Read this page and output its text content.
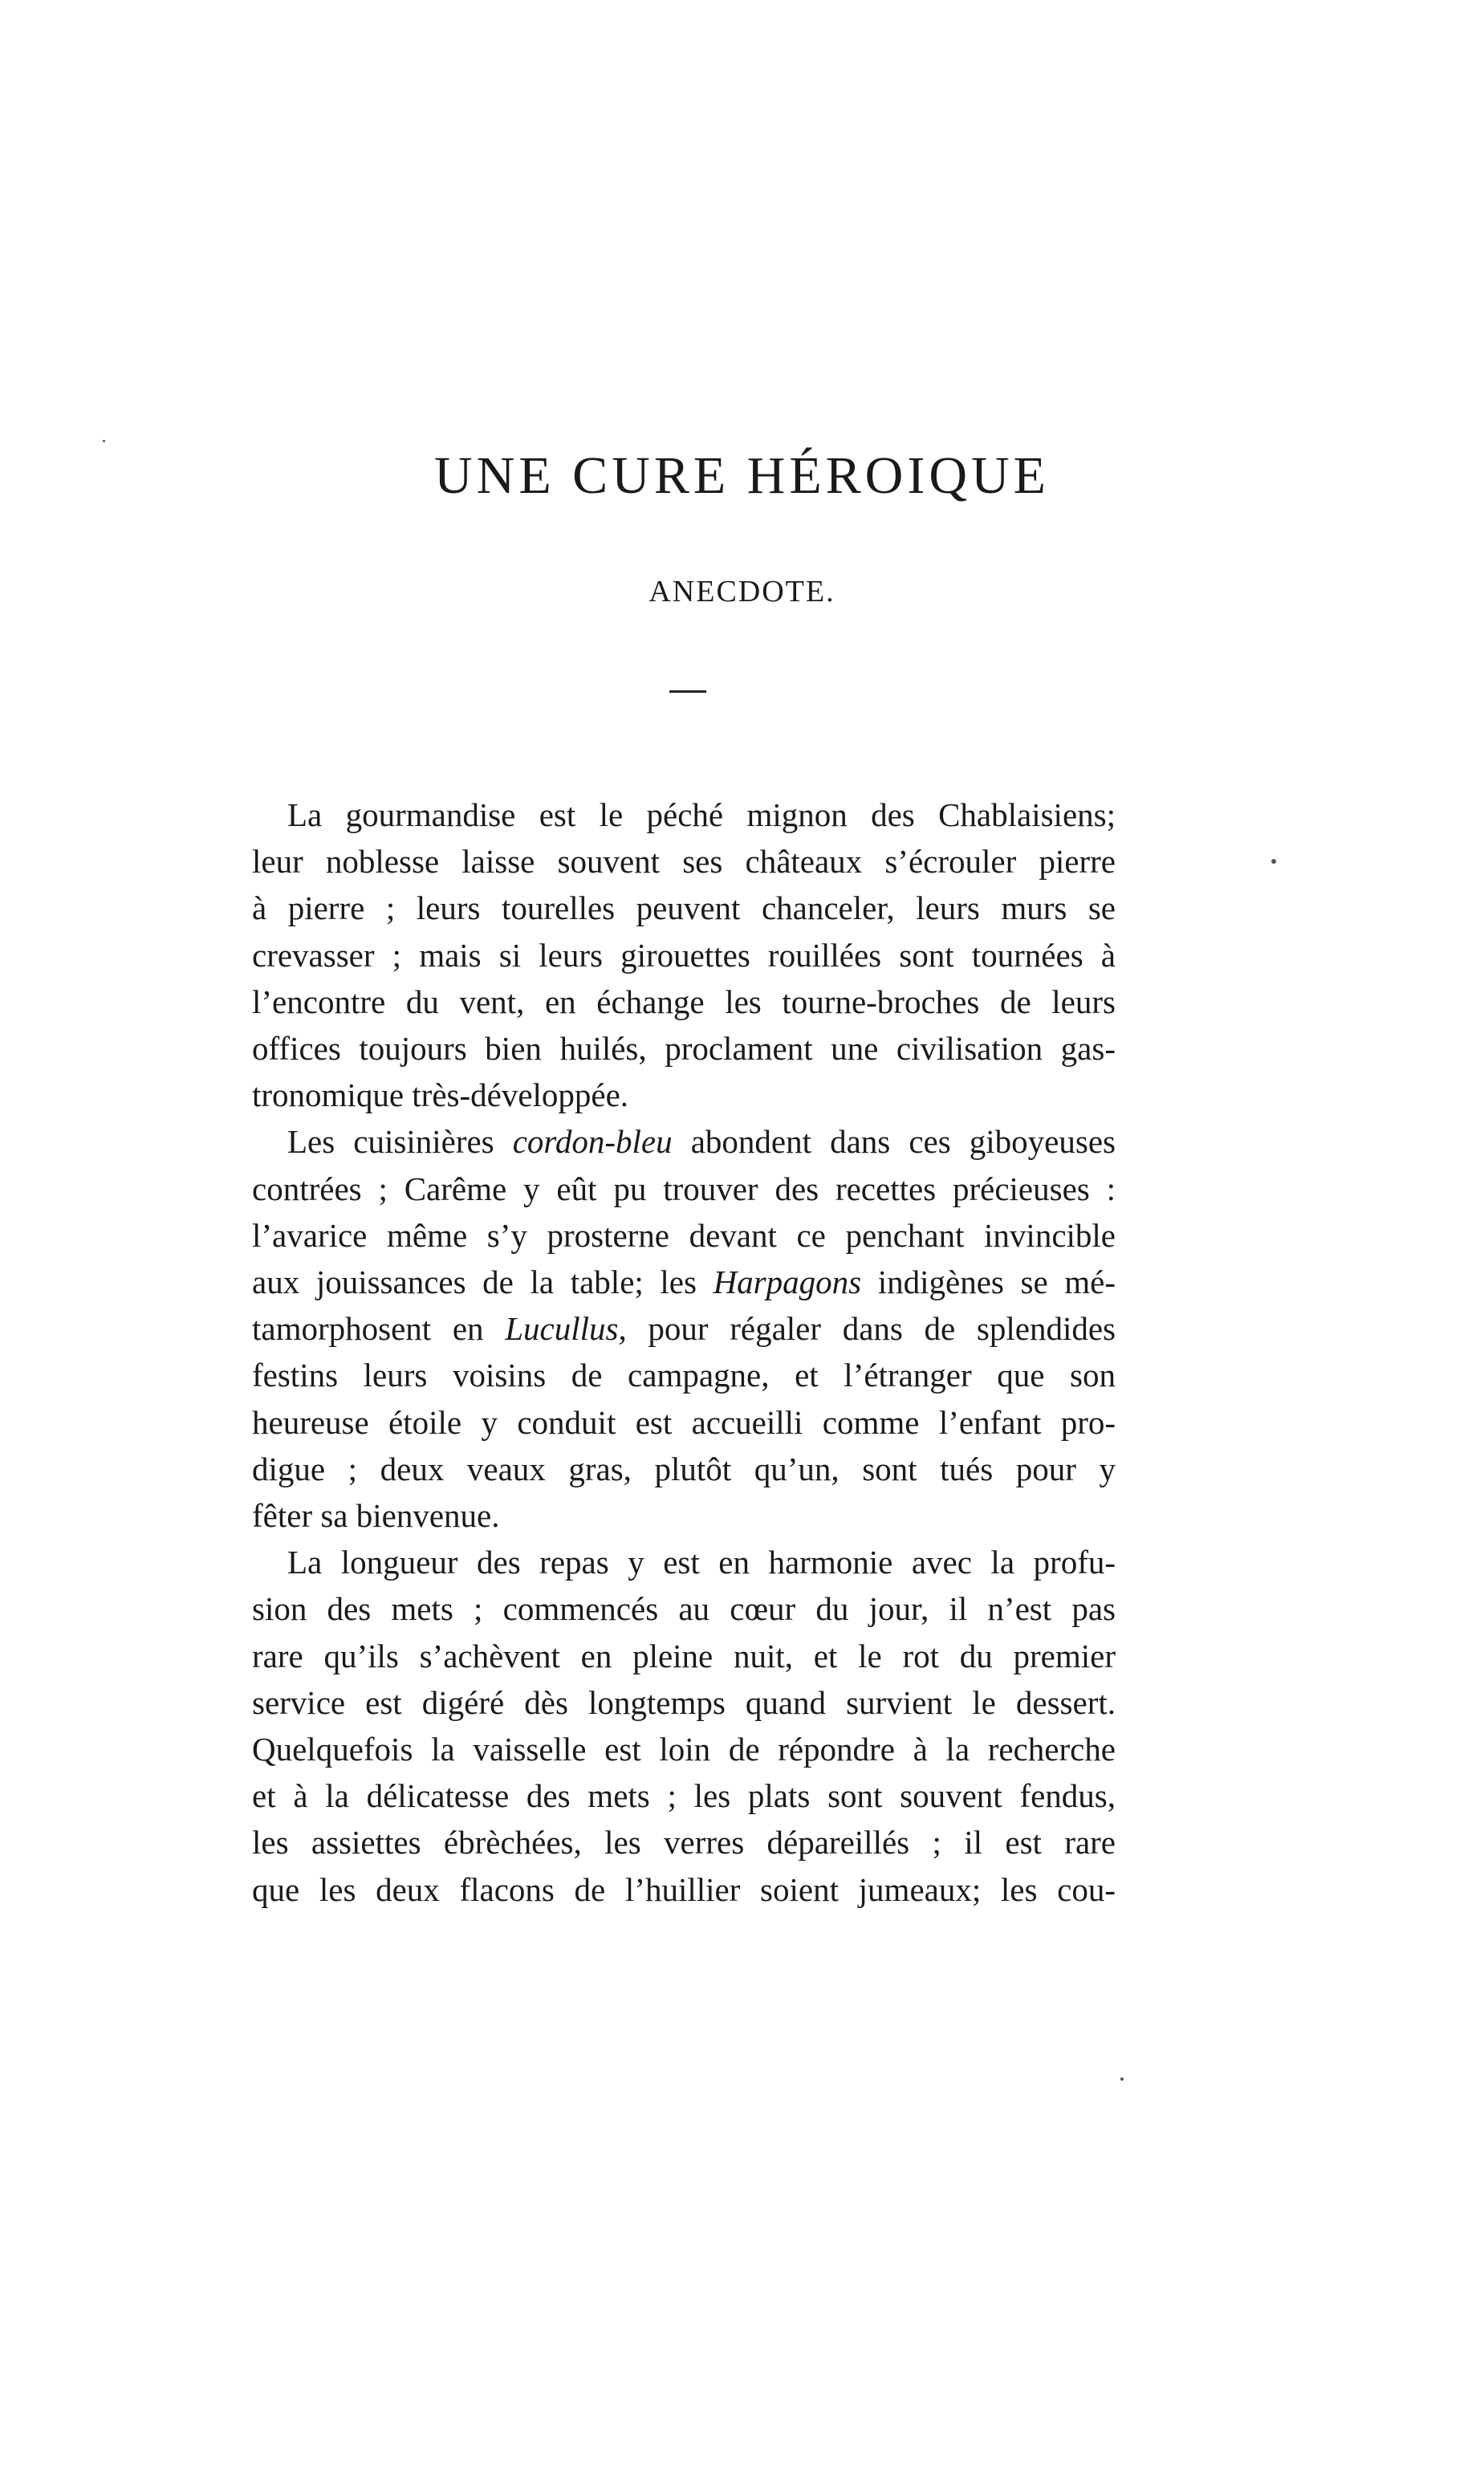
UNE CURE HÉROIQUE
ANECDOTE.
La gourmandise est le péché mignon des Chablaisiens;
leur noblesse laisse souvent ses châteaux s’écrouler pierre
à pierre ; leurs tourelles peuvent chanceler, leurs murs se
crevasser ; mais si leurs girouettes rouillées sont tournées à
l’encontre du vent, en échange les tourne-broches de leurs
offices toujours bien huilés, proclament une civilisation gas-
tronomique très-développée.
Les cuisinières cordon-bleu abondent dans ces giboyeuses
contrées ; Carême y eût pu trouver des recettes précieuses :
l’avarice même s’y prosterne devant ce penchant invincible
aux jouissances de la table; les Harpagons indigènes se mé-
tamorphosent en Lucullus, pour régaler dans de splendides
festins leurs voisins de campagne, et l’étranger que son
heureuse étoile y conduit est accueilli comme l’enfant pro-
digue ; deux veaux gras, plutôt qu’un, sont tués pour y
fêter sa bienvenue.
La longueur des repas y est en harmonie avec la profu-
sion des mets ; commencés au cœur du jour, il n’est pas
rare qu’ils s’achèvent en pleine nuit, et le rot du premier
service est digéré dès longtemps quand survient le dessert.
Quelquefois la vaisselle est loin de répondre à la recherche
et à la délicatesse des mets ; les plats sont souvent fendus,
les assiettes ébrèchées, les verres dépareillés ; il est rare
que les deux flacons de l’huillier soient jumeaux; les cou-
